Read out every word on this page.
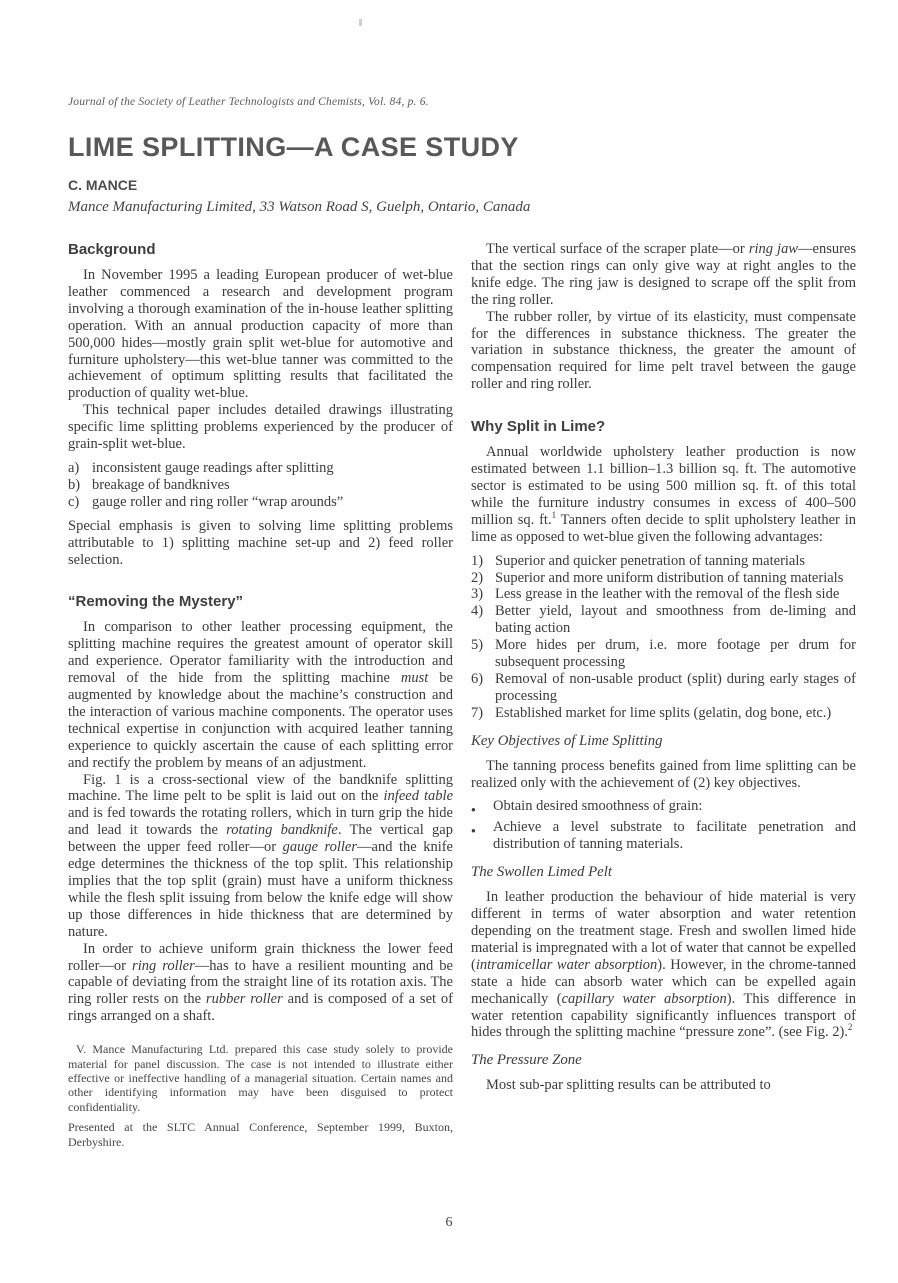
Journal of the Society of Leather Technologists and Chemists, Vol. 84, p. 6.
LIME SPLITTING—A CASE STUDY
C. MANCE
Mance Manufacturing Limited, 33 Watson Road S, Guelph, Ontario, Canada
Background

In November 1995 a leading European producer of wet-blue leather commenced a research and development program involving a thorough examination of the in-house leather splitting operation. With an annual production capacity of more than 500,000 hides—mostly grain split wet-blue for automotive and furniture upholstery—this wet-blue tanner was committed to the achievement of optimum splitting results that facilitated the production of quality wet-blue.

This technical paper includes detailed drawings illustrating specific lime splitting problems experienced by the producer of grain-split wet-blue.

a) inconsistent gauge readings after splitting
b) breakage of bandknives
c) gauge roller and ring roller “wrap arounds”

Special emphasis is given to solving lime splitting problems attributable to 1) splitting machine set-up and 2) feed roller selection.

“Removing the Mystery”

In comparison to other leather processing equipment, the splitting machine requires the greatest amount of operator skill and experience. Operator familiarity with the introduction and removal of the hide from the splitting machine must be augmented by knowledge about the machine’s construction and the interaction of various machine components. The operator uses technical expertise in conjunction with acquired leather tanning experience to quickly ascertain the cause of each splitting error and rectify the problem by means of an adjustment.

Fig. 1 is a cross-sectional view of the bandknife splitting machine. The lime pelt to be split is laid out on the infeed table and is fed towards the rotating rollers, which in turn grip the hide and lead it towards the rotating bandknife. The vertical gap between the upper feed roller—or gauge roller—and the knife edge determines the thickness of the top split. This relationship implies that the top split (grain) must have a uniform thickness while the flesh split issuing from below the knife edge will show up those differences in hide thickness that are determined by nature.

In order to achieve uniform grain thickness the lower feed roller—or ring roller—has to have a resilient mounting and be capable of deviating from the straight line of its rotation axis. The ring roller rests on the rubber roller and is composed of a set of rings arranged on a shaft.

V. Mance Manufacturing Ltd. prepared this case study solely to provide material for panel discussion. The case is not intended to illustrate either effective or ineffective handling of a managerial situation. Certain names and other identifying information may have been disguised to protect confidentiality.

Presented at the SLTC Annual Conference, September 1999, Buxton, Derbyshire.

The vertical surface of the scraper plate—or ring jaw—ensures that the section rings can only give way at right angles to the knife edge. The ring jaw is designed to scrape off the split from the ring roller.

The rubber roller, by virtue of its elasticity, must compensate for the differences in substance thickness. The greater the variation in substance thickness, the greater the amount of compensation required for lime pelt travel between the gauge roller and ring roller.

Why Split in Lime?

Annual worldwide upholstery leather production is now estimated between 1.1 billion–1.3 billion sq. ft. The automotive sector is estimated to be using 500 million sq. ft. of this total while the furniture industry consumes in excess of 400–500 million sq. ft.$^1$ Tanners often decide to split upholstery leather in lime as opposed to wet-blue given the following advantages:

1) Superior and quicker penetration of tanning materials
2) Superior and more uniform distribution of tanning materials
3) Less grease in the leather with the removal of the flesh side
4) Better yield, layout and smoothness from de-liming and bating action
5) More hides per drum, i.e. more footage per drum for subsequent processing
6) Removal of non-usable product (split) during early stages of processing
7) Established market for lime splits (gelatin, dog bone, etc.)
Key Objectives of Lime Splitting

The tanning process benefits gained from lime splitting can be realized only with the achievement of (2) key objectives.

●	Obtain desired smoothness of grain:
●	Achieve a level substrate to facilitate penetration and distribution of tanning materials.
The Swollen Limed Pelt

In leather production the behaviour of hide material is very different in terms of water absorption and water retention depending on the treatment stage. Fresh and swollen limed hide material is impregnated with a lot of water that cannot be expelled (intramicellar water absorption). However, in the chrome-tanned state a hide can absorb water which can be expelled again mechanically (capillary water absorption). This difference in water retention capability significantly influences transport of hides through the splitting machine “pressure zone”. (see Fig. 2).$^2$

The Pressure Zone

Most sub-par splitting results can be attributed to

6
